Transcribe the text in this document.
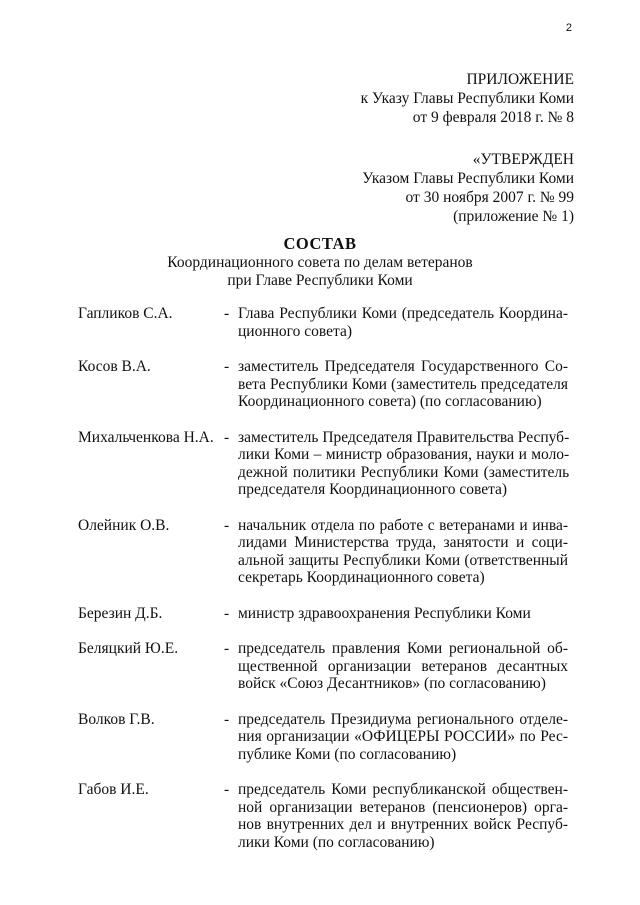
2
ПРИЛОЖЕНИЕ
к Указу Главы Республики Коми
от 9 февраля 2018 г. № 8
«УТВЕРЖДЕН
Указом Главы Республики Коми
от 30 ноября 2007 г. № 99
(приложение № 1)
СОСТАВ
Координационного совета по делам ветеранов
при Главе Республики Коми
Гапликов С.А.	- Глава Республики Коми (председатель Координа-
ционного совета)
Косов В.А.	- заместитель Председателя Государственного Со-
вета Республики Коми (заместитель председателя
Координационного совета) (по согласованию)
Михальченкова Н.А. - заместитель Председателя Правительства Респуб-
лики Коми – министр образования, науки и моло-
дежной политики Республики Коми (заместитель
председателя Координационного совета)
Олейник О.В.	- начальник отдела по работе с ветеранами и инва-
лидами Министерства труда, занятости и соци-
альной защиты Республики Коми (ответственный
секретарь Координационного совета)
Березин Д.Б.	- министр здравоохранения Республики Коми
Беляцкий Ю.Е.	- председатель правления Коми региональной об-
щественной организации ветеранов десантных
войск «Союз Десантников» (по согласованию)
Волков Г.В.	- председатель Президиума регионального отделе-
ния организации «ОФИЦЕРЫ РОССИИ» по Рес-
публике Коми (по согласованию)
Габов И.Е.	- председатель Коми республиканской обществен-
ной организации ветеранов (пенсионеров) орга-
нов внутренних дел и внутренних войск Респуб-
лики Коми (по согласованию)
